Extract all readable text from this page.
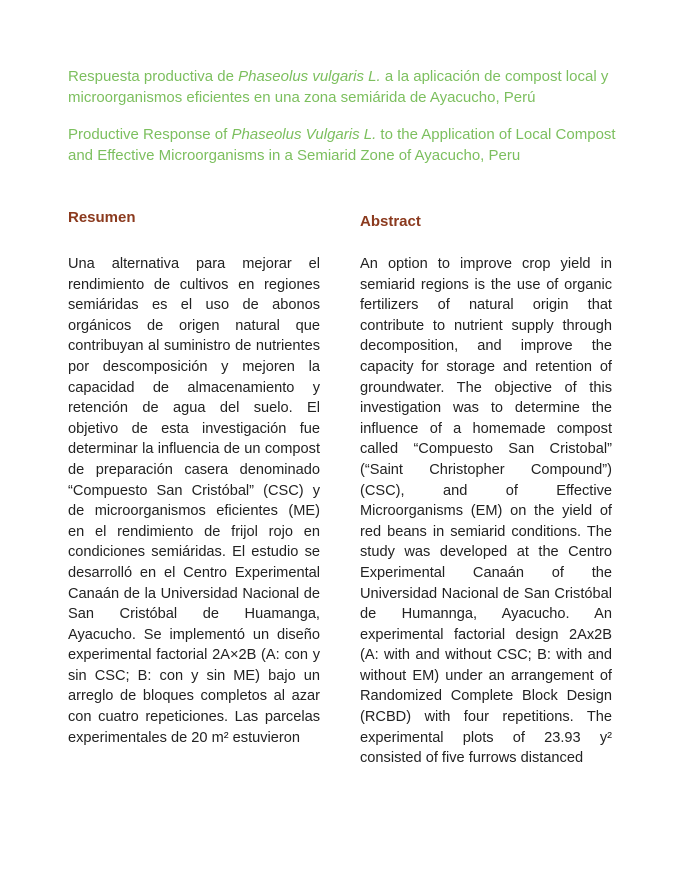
Respuesta productiva de Phaseolus vulgaris L. a la aplicación de compost local y microorganismos eficientes en una zona semiárida de Ayacucho, Perú

Productive Response of Phaseolus Vulgaris L. to the Application of Local Compost and Effective Microorganisms in a Semiarid Zone of Ayacucho, Peru

Resumen

Una alternativa para mejorar el rendimiento de cultivos en regiones semiáridas es el uso de abonos orgánicos de origen natural que contribuyan al suministro de nutrientes por descomposición y mejoren la capacidad de almacenamiento y retención de agua del suelo. El objetivo de esta investigación fue determinar la influencia de un compost de preparación casera denominado “Compuesto San Cristóbal” (CSC) y de microorganismos eficientes (ME) en el rendimiento de frijol rojo en condiciones semiáridas. El estudio se desarrolló en el Centro Experimental Canaán de la Universidad Nacional de San Cristóbal de Huamanga, Ayacucho. Se implementó un diseño experimental factorial 2A×2B (A: con y sin CSC; B: con y sin ME) bajo un arreglo de bloques completos al azar con cuatro repeticiones. Las parcelas experimentales de 20 m² estuvieron

Abstract

An option to improve crop yield in semiarid regions is the use of organic fertilizers of natural origin that contribute to nutrient supply through decomposition, and improve the capacity for storage and retention of groundwater. The objective of this investigation was to determine the influence of a homemade compost called “Compuesto San Cristobal” (“Saint Christopher Compound”) (CSC), and of Effective Microorganisms (EM) on the yield of red beans in semiarid conditions. The study was developed at the Centro Experimental Canaán of the Universidad Nacional de San Cristóbal de Humannga, Ayacucho. An experimental factorial design 2Ax2B (A: with and without CSC; B: with and without EM) under an arrangement of Randomized Complete Block Design (RCBD) with four repetitions. The experimental plots of 23.93 y² consisted of five furrows distanced
